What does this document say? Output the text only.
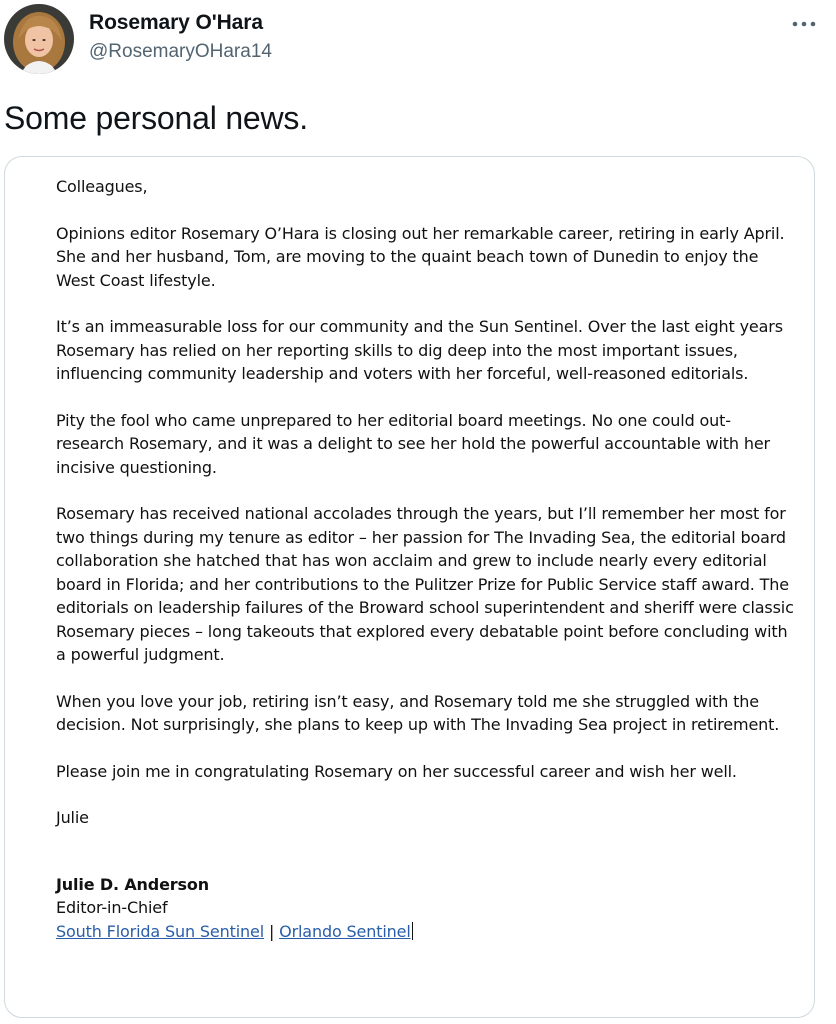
Rosemary O'Hara
@RosemaryOHara14
Some personal news.

Colleagues,

Opinions editor Rosemary O’Hara is closing out her remarkable career, retiring in early April. She and her husband, Tom, are moving to the quaint beach town of Dunedin to enjoy the West Coast lifestyle.

It’s an immeasurable loss for our community and the Sun Sentinel. Over the last eight years Rosemary has relied on her reporting skills to dig deep into the most important issues, influencing community leadership and voters with her forceful, well-reasoned editorials.

Pity the fool who came unprepared to her editorial board meetings. No one could out-research Rosemary, and it was a delight to see her hold the powerful accountable with her incisive questioning.

Rosemary has received national accolades through the years, but I’ll remember her most for two things during my tenure as editor – her passion for The Invading Sea, the editorial board collaboration she hatched that has won acclaim and grew to include nearly every editorial board in Florida; and her contributions to the Pulitzer Prize for Public Service staff award. The editorials on leadership failures of the Broward school superintendent and sheriff were classic Rosemary pieces – long takeouts that explored every debatable point before concluding with a powerful judgment.

When you love your job, retiring isn’t easy, and Rosemary told me she struggled with the decision. Not surprisingly, she plans to keep up with The Invading Sea project in retirement.

Please join me in congratulating Rosemary on her successful career and wish her well.

Julie

Julie D. Anderson
Editor-in-Chief
South Florida Sun Sentinel | Orlando Sentinel
